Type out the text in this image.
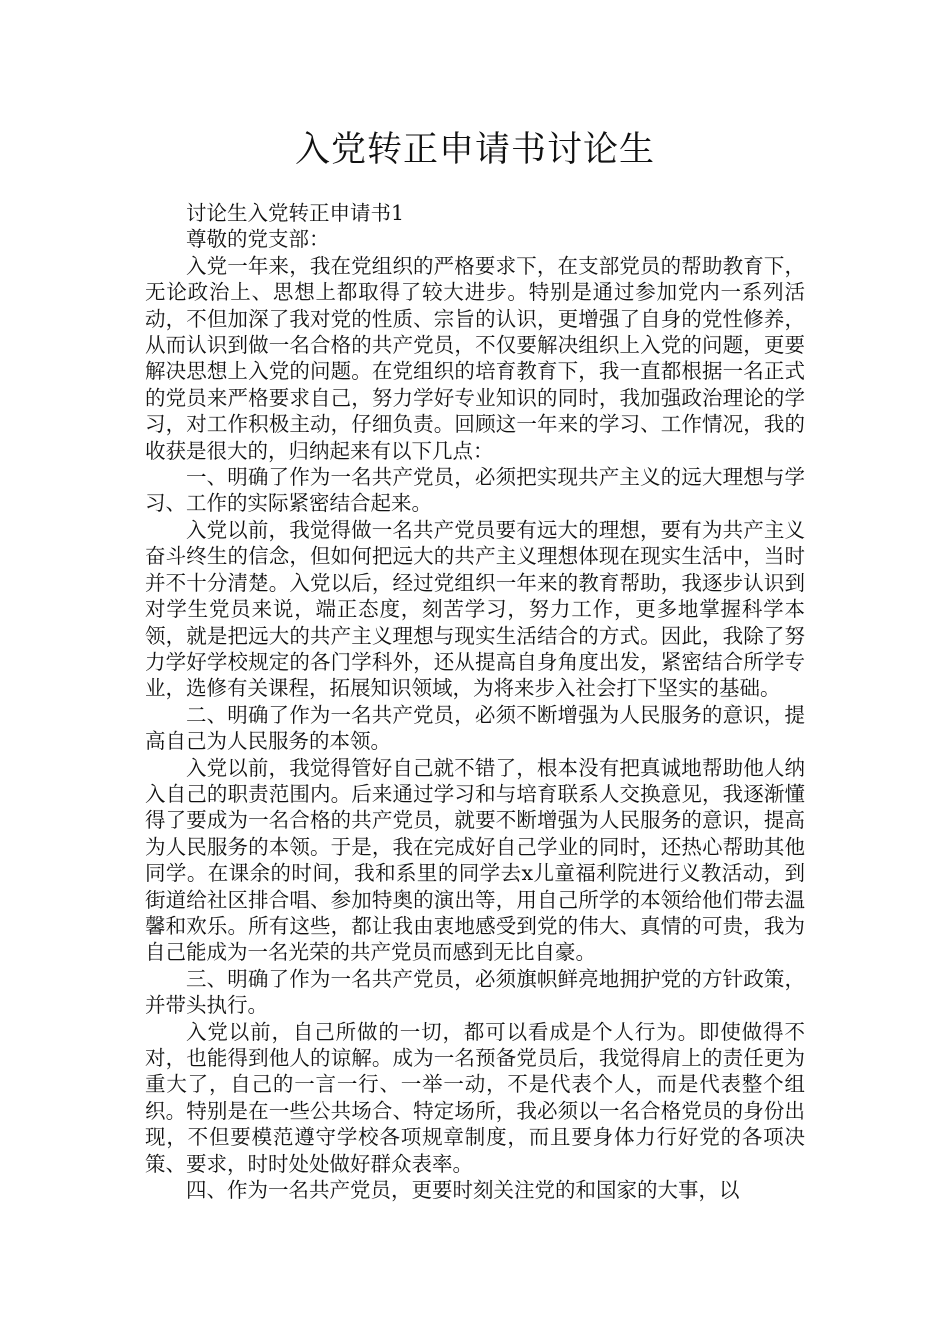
入党转正申请书讨论生

讨论生入党转正申请书1

尊敬的党支部：

入党一年来，我在党组织的严格要求下，在支部党员的帮助教育下，无论政治上、思想上都取得了较大进步。特别是通过参加党内一系列活动，不但加深了我对党的性质、宗旨的认识，更增强了自身的党性修养，从而认识到做一名合格的共产党员，不仅要解决组织上入党的问题，更要解决思想上入党的问题。在党组织的培育教育下，我一直都根据一名正式的党员来严格要求自己，努力学好专业知识的同时，我加强政治理论的学习，对工作积极主动，仔细负责。回顾这一年来的学习、工作情况，我的收获是很大的，归纳起来有以下几点：

一、明确了作为一名共产党员，必须把实现共产主义的远大理想与学习、工作的实际紧密结合起来。

入党以前，我觉得做一名共产党员要有远大的理想，要有为共产主义奋斗终生的信念，但如何把远大的共产主义理想体现在现实生活中，当时并不十分清楚。入党以后，经过党组织一年来的教育帮助，我逐步认识到对学生党员来说，端正态度，刻苦学习，努力工作，更多地掌握科学本领，就是把远大的共产主义理想与现实生活结合的方式。因此，我除了努力学好学校规定的各门学科外，还从提高自身角度出发，紧密结合所学专业，选修有关课程，拓展知识领域，为将来步入社会打下坚实的基础。

二、明确了作为一名共产党员，必须不断增强为人民服务的意识，提高自己为人民服务的本领。

入党以前，我觉得管好自己就不错了，根本没有把真诚地帮助他人纳入自己的职责范围内。后来通过学习和与培育联系人交换意见，我逐渐懂得了要成为一名合格的共产党员，就要不断增强为人民服务的意识，提高为人民服务的本领。于是，我在完成好自己学业的同时，还热心帮助其他同学。在课余的时间，我和系里的同学去x儿童福利院进行义教活动，到街道给社区排合唱、参加特奥的演出等，用自己所学的本领给他们带去温馨和欢乐。所有这些，都让我由衷地感受到党的伟大、真情的可贵，我为自己能成为一名光荣的共产党员而感到无比自豪。

三、明确了作为一名共产党员，必须旗帜鲜亮地拥护党的方针政策，并带头执行。

入党以前，自己所做的一切，都可以看成是个人行为。即使做得不对，也能得到他人的谅解。成为一名预备党员后，我觉得肩上的责任更为重大了，自己的一言一行、一举一动，不是代表个人，而是代表整个组织。特别是在一些公共场合、特定场所，我必须以一名合格党员的身份出现，不但要模范遵守学校各项规章制度，而且要身体力行好党的各项决策、要求，时时处处做好群众表率。

四、作为一名共产党员，更要时刻关注党的和国家的大事，以
